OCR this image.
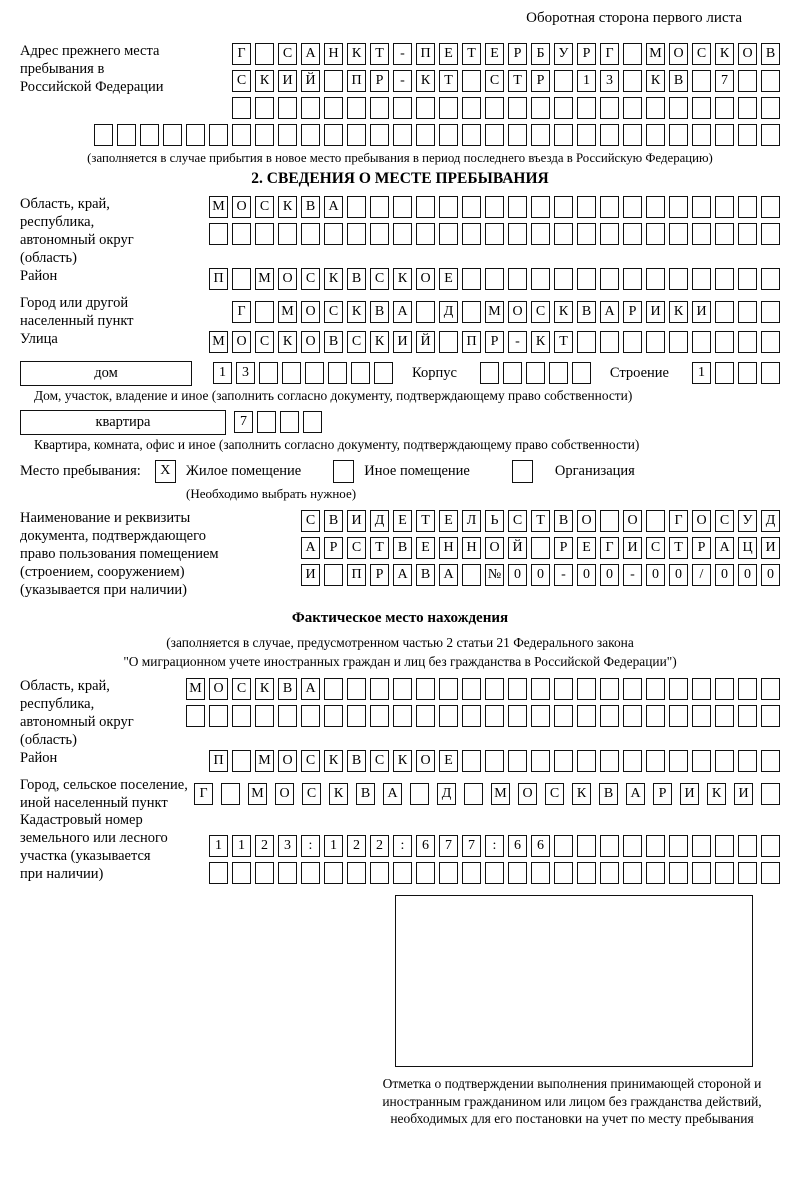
Оборотная сторона первого листа
Адрес прежнего места пребывания в Российской Федерации
Г	С А Н К	Т	-	П Е	Т	Е	Р	Б	У	Р	Г	М О С К О В
С К И Й	П	Р	-	К	Т	С	Т	Р	1	3	К В	7
(заполняется в случае прибытия в новое место пребывания в период последнего въезда в Российскую Федерацию)
2. СВЕДЕНИЯ О МЕСТЕ ПРЕБЫВАНИЯ
Область, край, республика, автономный округ (область)
М О С К В А
Район	П	М О С К В С К О Е
Город или другой населенный пункт
Г	М О С К В А	Д	М О С К В А	Р	И К И
Улица	М О С К О В С К И Й	П	Р	-	К	Т
дом	1	3	Корпус	Строение	1
Дом, участок, владение и иное (заполнить согласно документу, подтверждающему право собственности)
квартира	7
Квартира, комната, офис и иное (заполнить согласно документу, подтверждающему право собственности)
Место пребывания:	X	Жилое помещение	Иное помещение	Организация
(Необходимо выбрать нужное)
Наименование и реквизиты документа, подтверждающего право пользования помещением (строением, сооружением) (указывается при наличии)
С В И Д Е	Т	Е Л	Ь	С	Т	В О	О	Г О С У Д
А	Р	С	Т	В	Е Н Н О Й	Р	Е	Г И С	Т	Р	А Ц И
И	П	Р	А В А	№ 0	0	-	0	0	-	0	0	/	0	0	0
Фактическое место нахождения
(заполняется в случае, предусмотренном частью 2 статьи 21 Федерального закона
"О миграционном учете иностранных граждан и лиц без гражданства в Российской Федерации")
Область, край, республика, автономный округ (область)
М О С К В А
Район	П	М О С К В С К О Е
Город, сельское поселение, иной населенный пункт
Г	М	О	С	К	В	А	Д	М	О	С	К	В	А	Р	И	К	И
Кадастровый номер земельного или лесного участка (указывается при наличии)
1	1	2	3	:	1	2	2	:	6	7	7	:	6	6
Отметка о подтверждении выполнения принимающей стороной и иностранным гражданином или лицом без гражданства действий, необходимых для его постановки на учет по месту пребывания
